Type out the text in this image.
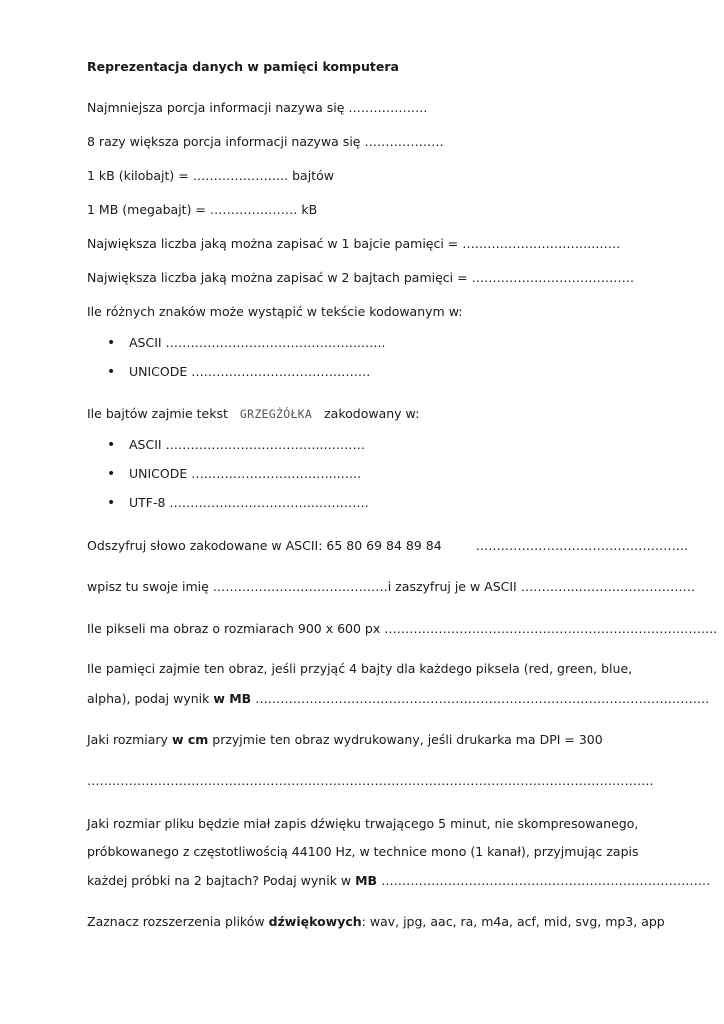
Reprezentacja danych w pamięci komputera
Najmniejsza porcja informacji nazywa się ……………….
8 razy większa porcja informacji nazywa się ……………….
1 kB (kilobajt) = ………………….. bajtów
1 MB (megabajt) = ………………… kB
Największa liczba jaką można zapisać w 1 bajcie pamięci = …………………………..……
Największa liczba jaką można zapisać w 2 bajtach pamięci = …………………………………
Ile różnych znaków może wystąpić w tekście kodowanym w:
• ASCII ………………………………………...…..
• UNICODE …………………………………….
Ile bajtów zajmie tekst GRZEGŻÓŁKA zakodowany w:
• ASCII ………………………………...………
• UNICODE ……………………………...…..
• UTF-8 ……………………………...…………
Odszyfruj słowo zakodowane w ASCII: 65 80 69 84 89 84	……………………………………………
wpisz tu swoje imię ……………………………………i zaszyfruj je w ASCII …………...………………………
Ile pikseli ma obraz o rozmiarach 900 x 600 px ……………………………………………………………………..
Ile pamięci zajmie ten obraz, jeśli przyjąć 4 bajty dla każdego piksela (red, green, blue,
alpha), podaj wynik w MB ……………………………………………………………………………………………….
Jaki rozmiary w cm przyjmie ten obraz wydrukowany, jeśli drukarka ma DPI = 300
……………………………………………………………………………………………………………………….
Jaki rozmiar pliku będzie miał zapis dźwięku trwającego 5 minut, nie skompresowanego,
próbkowanego z częstotliwością 44100 Hz, w technice mono (1 kanał), przyjmując zapis
każdej próbki na 2 bajtach? Podaj wynik w MB …………………………………………………………………….
Zaznacz rozszerzenia plików dźwiękowych: wav, jpg, aac, ra, m4a, acf, mid, svg, mp3, app
